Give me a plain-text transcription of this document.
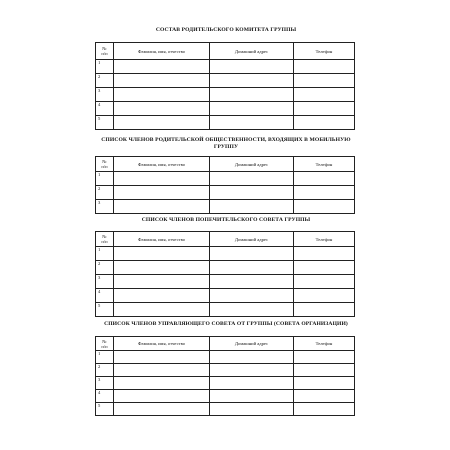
СОСТАВ РОДИТЕЛЬСКОГО КОМИТЕТА ГРУППЫ
№
п/п	Фамилия, имя, отчество	Домашний адрес	Телефон
1			
2			
3			
4			
5			
СПИСОК ЧЛЕНОВ РОДИТЕЛЬСКОЙ ОБЩЕСТВЕННОСТИ, ВХОДЯЩИХ В МОБИЛЬНУЮ ГРУППУ
№
п/п	Фамилия, имя, отчество	Домашний адрес	Телефон
1			
2			
3			
СПИСОК ЧЛЕНОВ ПОПЕЧИТЕЛЬСКОГО СОВЕТА ГРУППЫ
№
п/п	Фамилия, имя, отчество	Домашний адрес	Телефон
1			
2			
3			
4			
5			
СПИСОК ЧЛЕНОВ УПРАВЛЯЮЩЕГО СОВЕТА ОТ ГРУППЫ (СОВЕТА ОРГАНИЗАЦИИ)
№
п/п	Фамилия, имя, отчество	Домашний адрес	Телефон
1			
2			
3			
4			
5			
